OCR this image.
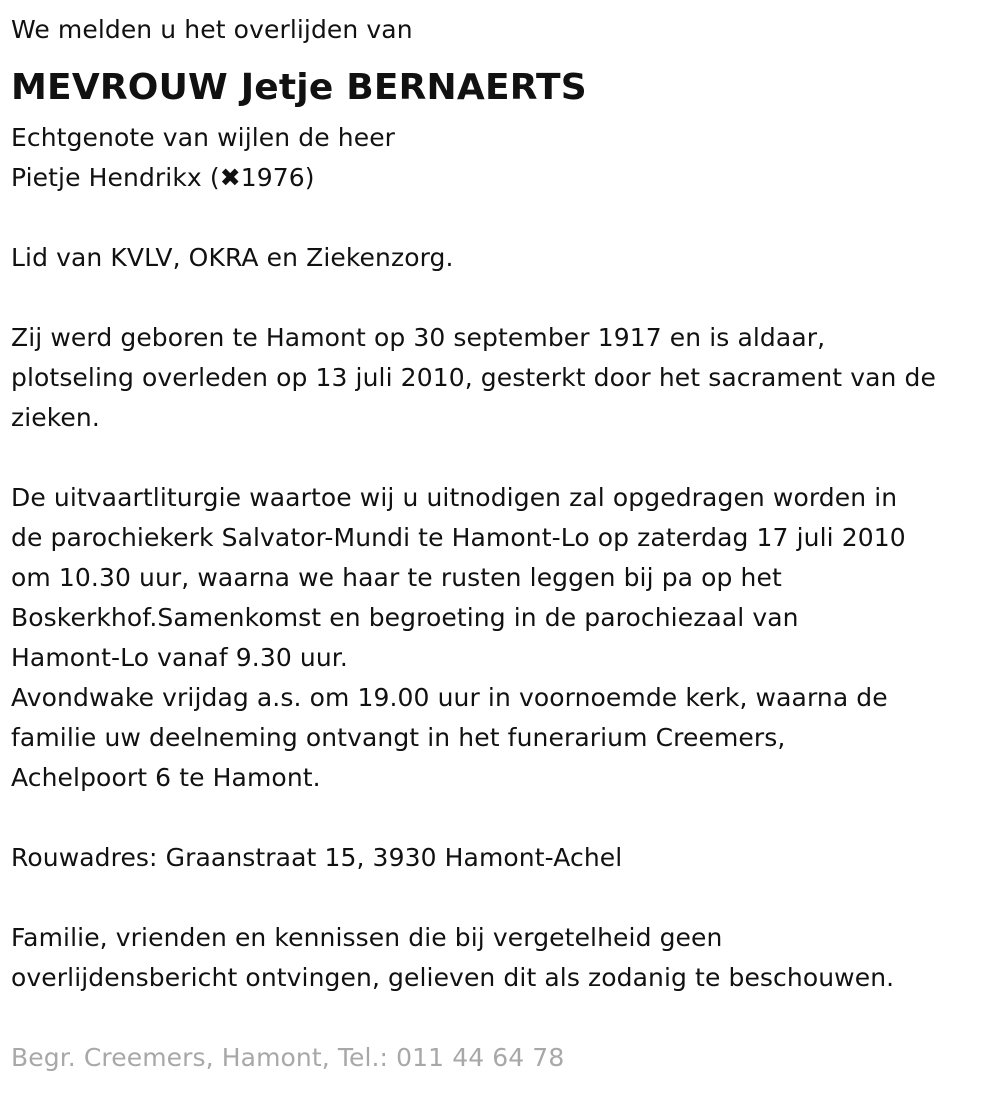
We melden u het overlijden van
MEVROUW Jetje BERNAERTS
Echtgenote van wijlen de heer
Pietje Hendrikx (✖1976)
Lid van KVLV, OKRA en Ziekenzorg.
Zij werd geboren te Hamont op 30 september 1917 en is aldaar,
plotseling overleden op 13 juli 2010, gesterkt door het sacrament van de
zieken.
De uitvaartliturgie waartoe wij u uitnodigen zal opgedragen worden in
de parochiekerk Salvator-Mundi te Hamont-Lo op zaterdag 17 juli 2010
om 10.30 uur, waarna we haar te rusten leggen bij pa op het
Boskerkhof.Samenkomst en begroeting in de parochiezaal van
Hamont-Lo vanaf 9.30 uur.
Avondwake vrijdag a.s. om 19.00 uur in voornoemde kerk, waarna de
familie uw deelneming ontvangt in het funerarium Creemers,
Achelpoort 6 te Hamont.
Rouwadres: Graanstraat 15, 3930 Hamont-Achel
Familie, vrienden en kennissen die bij vergetelheid geen
overlijdensbericht ontvingen, gelieven dit als zodanig te beschouwen.
Begr. Creemers, Hamont, Tel.: 011 44 64 78
